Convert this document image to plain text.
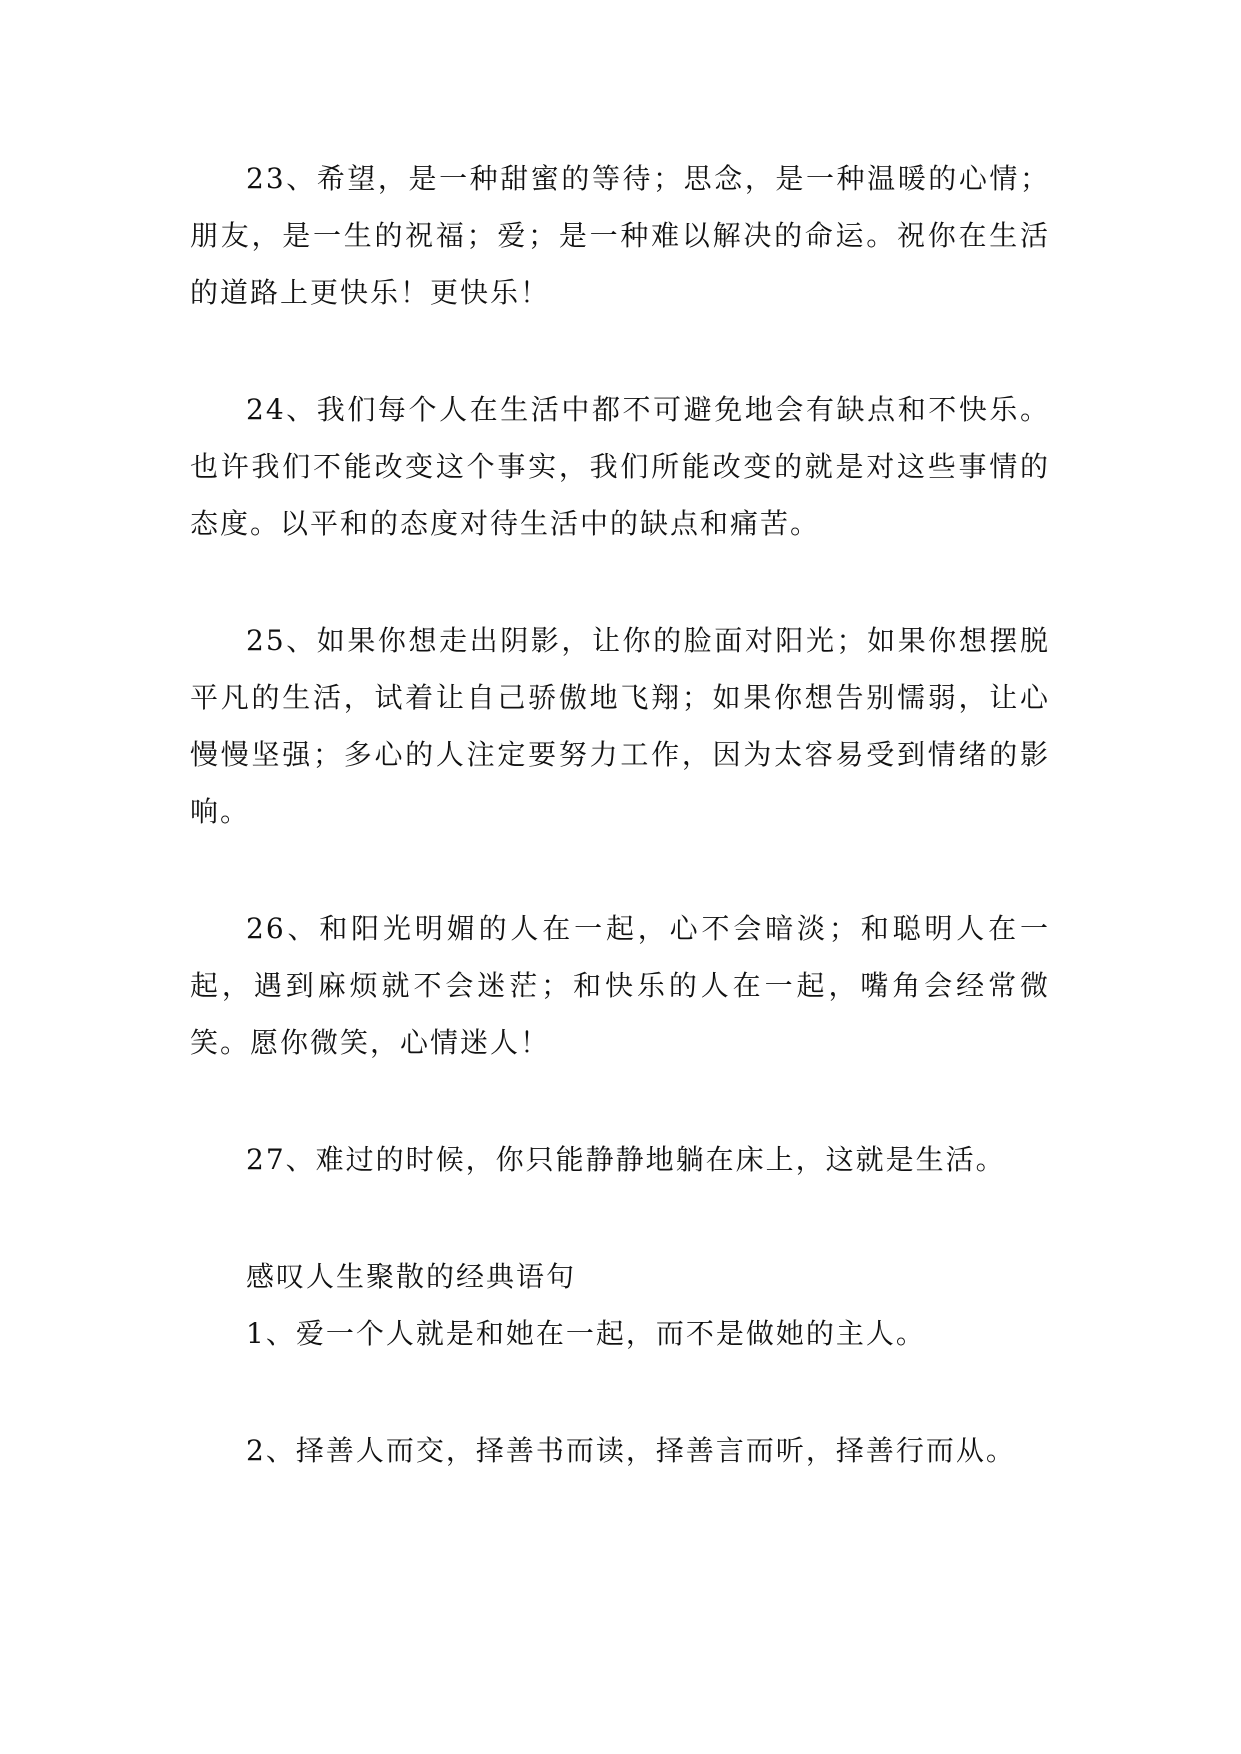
23、希望，是一种甜蜜的等待；思念，是一种温暖的心情；朋友，是一生的祝福；爱；是一种难以解决的命运。祝你在生活的道路上更快乐！更快乐！

24、我们每个人在生活中都不可避免地会有缺点和不快乐。也许我们不能改变这个事实，我们所能改变的就是对这些事情的态度。以平和的态度对待生活中的缺点和痛苦。

25、如果你想走出阴影，让你的脸面对阳光；如果你想摆脱平凡的生活，试着让自己骄傲地飞翔；如果你想告别懦弱，让心慢慢坚强；多心的人注定要努力工作，因为太容易受到情绪的影响。

26、和阳光明媚的人在一起，心不会暗淡；和聪明人在一起，遇到麻烦就不会迷茫；和快乐的人在一起，嘴角会经常微笑。愿你微笑，心情迷人！

27、难过的时候，你只能静静地躺在床上，这就是生活。

感叹人生聚散的经典语句

1、爱一个人就是和她在一起，而不是做她的主人。

2、择善人而交，择善书而读，择善言而听，择善行而从。
